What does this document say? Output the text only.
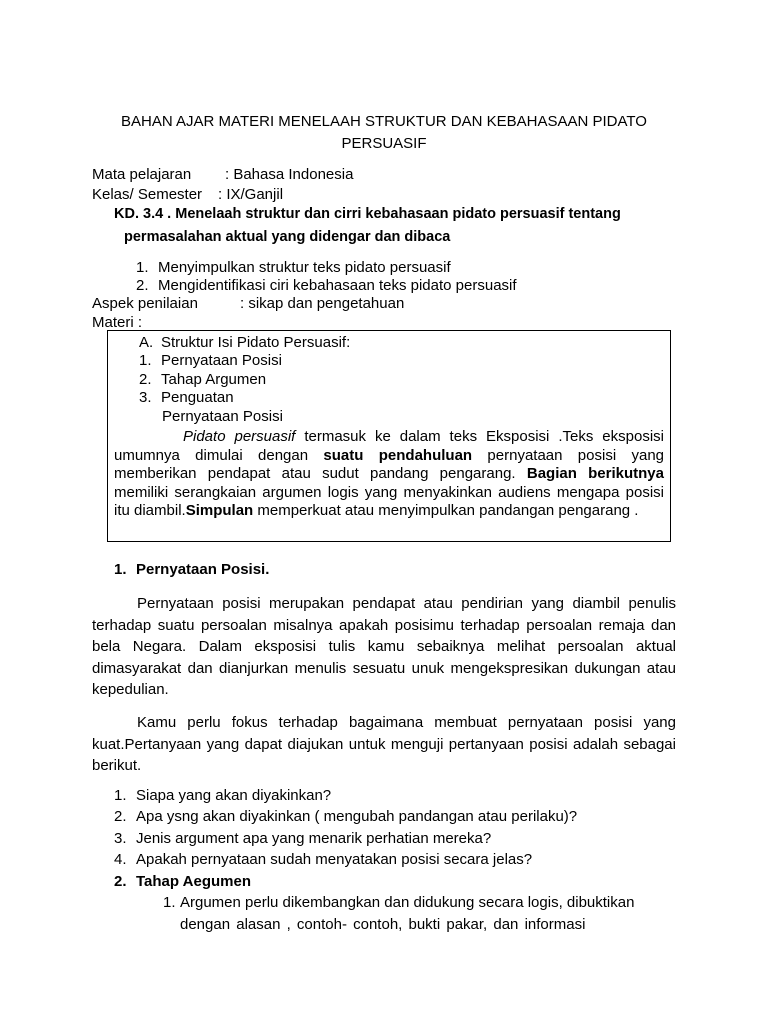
BAHAN AJAR MATERI MENELAAH STRUKTUR DAN KEBAHASAAN PIDATO
PERSUASIF
Mata pelajaran : Bahasa Indonesia
Kelas/ Semester : IX/Ganjil
KD. 3.4 . Menelaah struktur dan cirri kebahasaan pidato persuasif tentang
permasalahan aktual yang didengar dan dibaca
1. Menyimpulkan struktur teks pidato persuasif
2. Mengidentifikasi ciri kebahasaan teks pidato persuasif
Aspek penilaian	: sikap dan pengetahuan
Materi :
A. Struktur Isi Pidato Persuasif:
1. Pernyataan Posisi
2. Tahap Argumen
3. Penguatan
Pernyataan Posisi
Pidato persuasif termasuk ke dalam teks Eksposisi .Teks eksposisi umumnya dimulai dengan suatu pendahuluan pernyataan posisi yang memberikan pendapat atau sudut pandang pengarang. Bagian berikutnya memiliki serangkaian argumen logis yang menyakinkan audiens mengapa posisi itu diambil.Simpulan memperkuat atau menyimpulkan pandangan pengarang .
1. Pernyataan Posisi.
Pernyataan posisi merupakan pendapat atau pendirian yang diambil penulis terhadap suatu persoalan misalnya apakah posisimu terhadap persoalan remaja dan bela Negara. Dalam eksposisi tulis kamu sebaiknya melihat persoalan aktual dimasyarakat dan dianjurkan menulis sesuatu unuk mengekspresikan dukungan atau kepedulian.
Kamu perlu fokus terhadap bagaimana membuat pernyataan posisi yang kuat.Pertanyaan yang dapat diajukan untuk menguji pertanyaan posisi adalah sebagai berikut.
1. Siapa yang akan diyakinkan?
2. Apa ysng akan diyakinkan ( mengubah pandangan atau perilaku)?
3. Jenis argument apa yang menarik perhatian mereka?
4. Apakah pernyataan sudah menyatakan posisi secara jelas?
2. Tahap Aegumen
1. Argumen perlu dikembangkan dan didukung secara logis, dibuktikan
dengan alasan , contoh- contoh, bukti pakar, dan informasi
